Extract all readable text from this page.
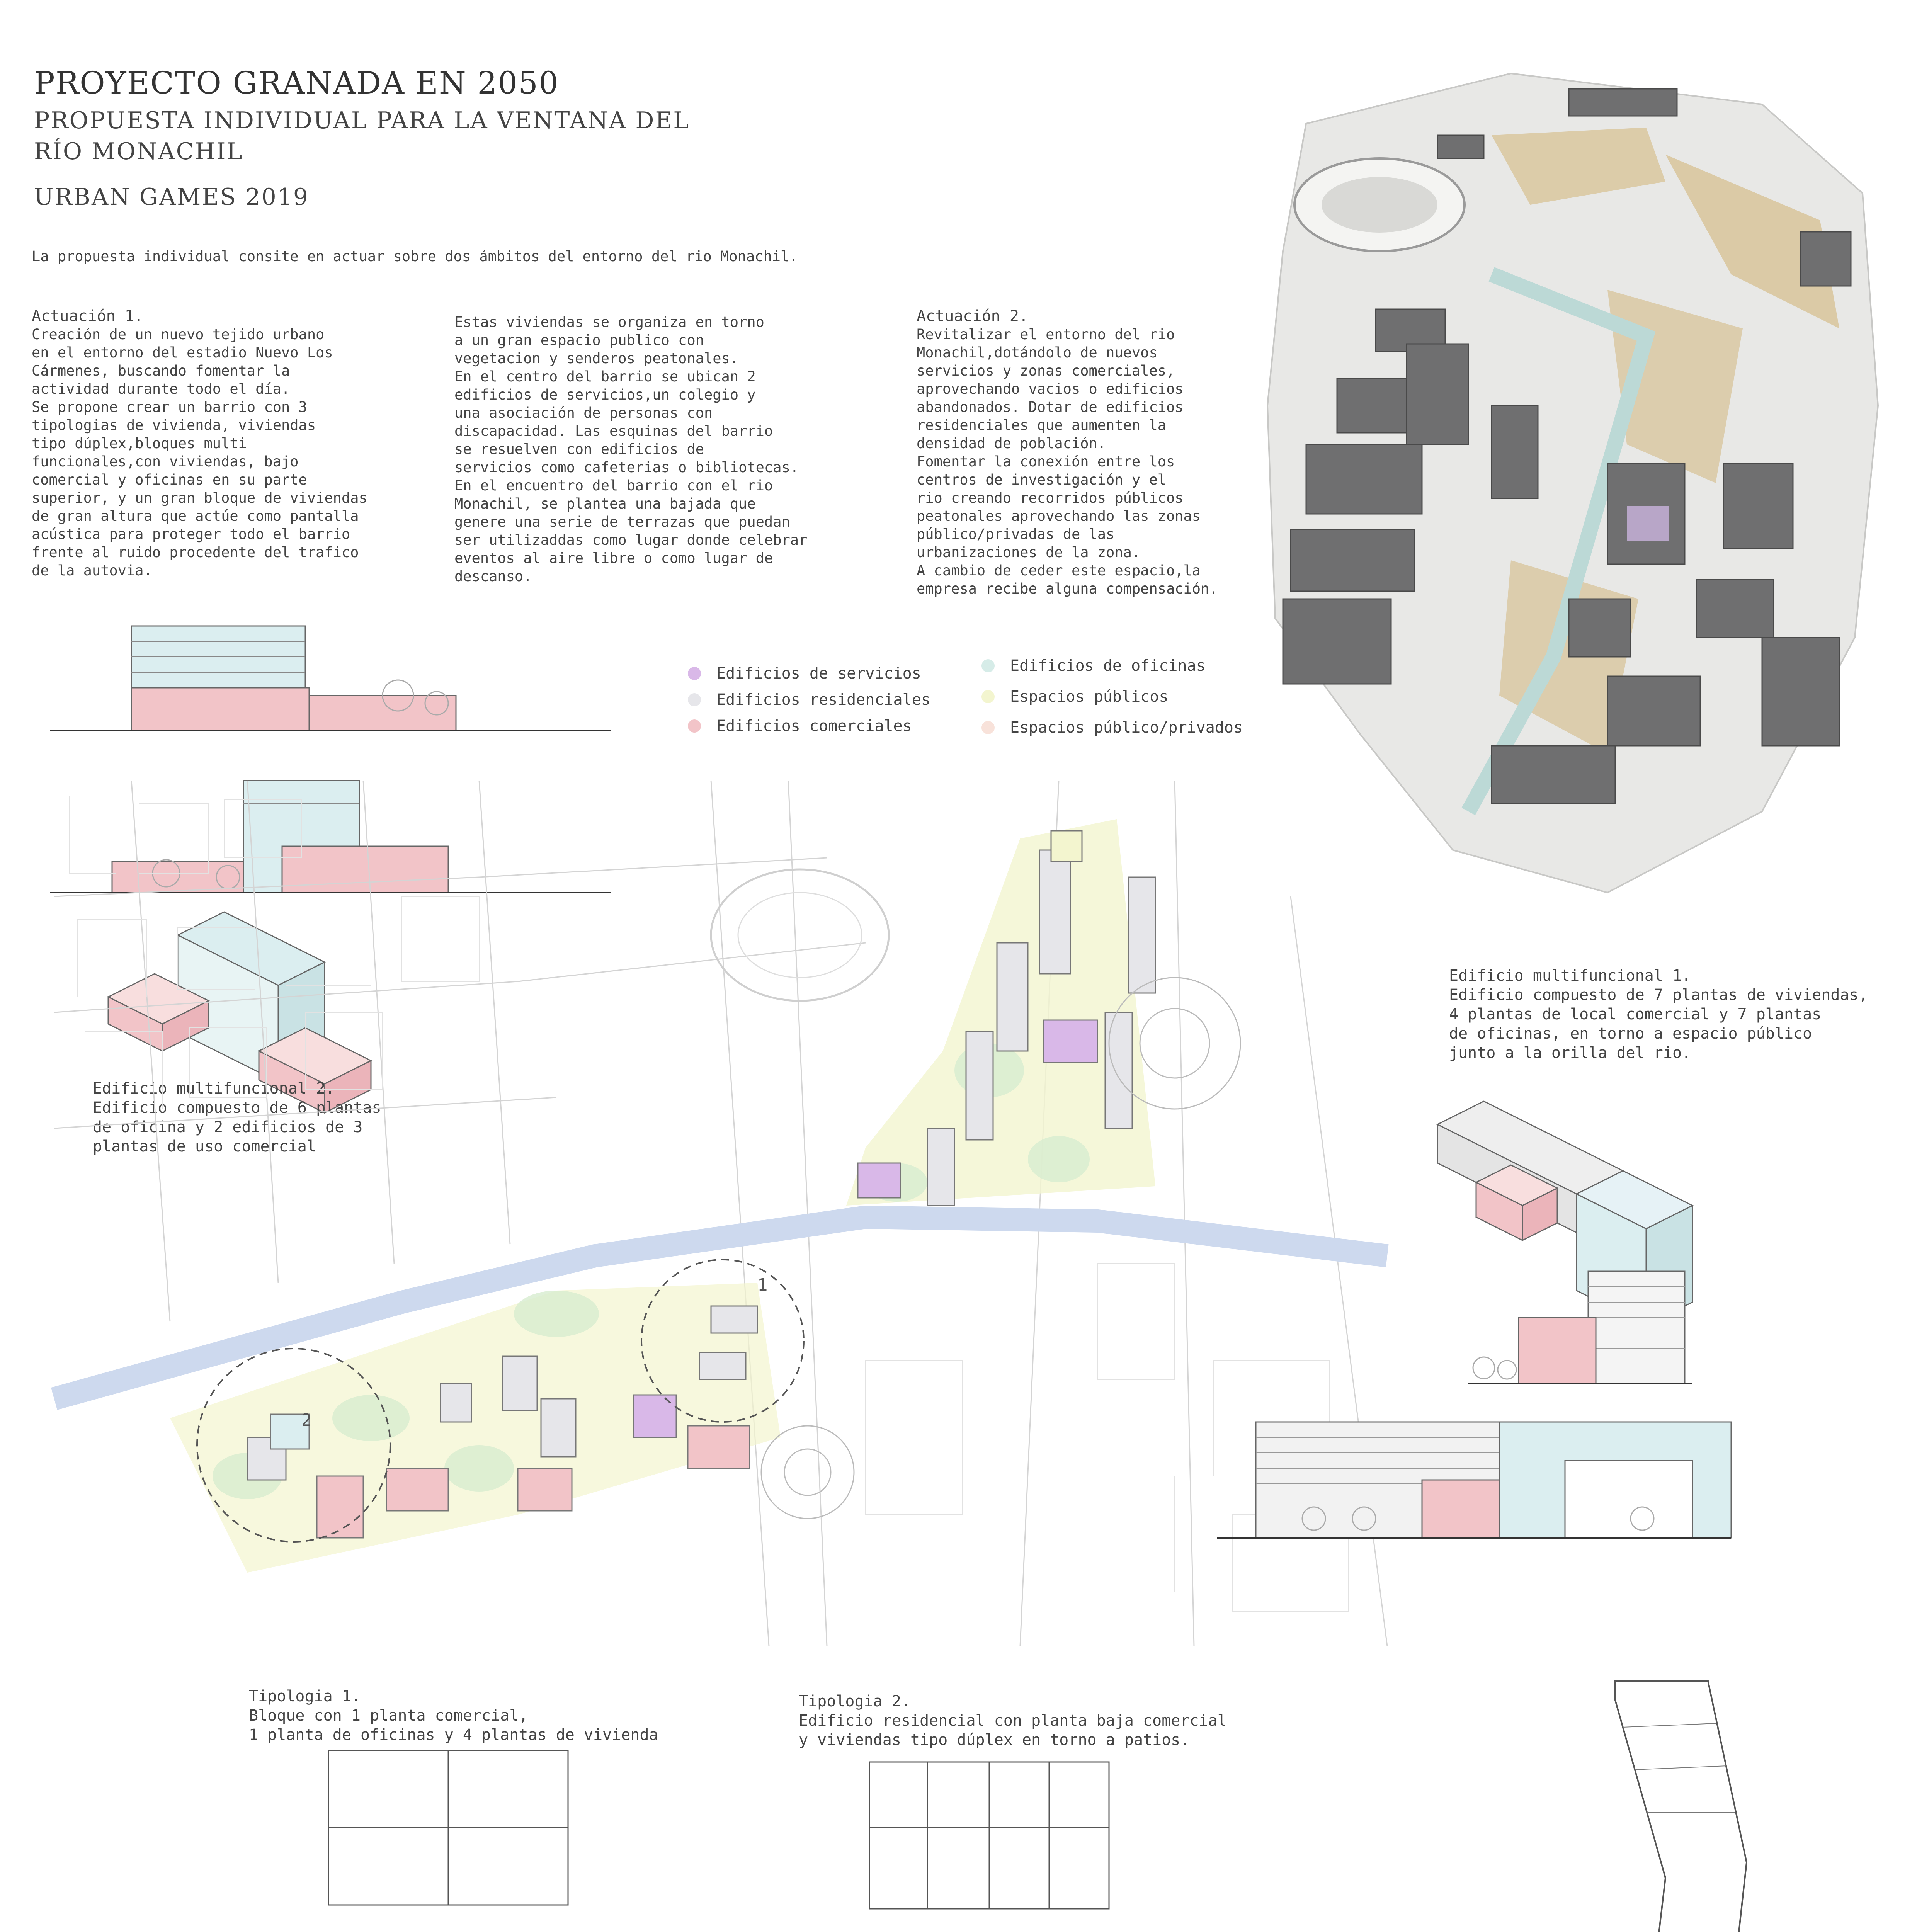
PROYECTO GRANADA EN 2050
PROPUESTA INDIVIDUAL PARA LA VENTANA DEL
RÍO MONACHIL
URBAN GAMES 2019
La propuesta individual consite en actuar sobre dos ámbitos del entorno del rio Monachil.
Actuación 1.
Creación de un nuevo tejido urbano
en el entorno del estadio Nuevo Los
Cármenes, buscando fomentar la
actividad durante todo el día.
Se propone crear un barrio con 3
tipologias de vivienda, viviendas
tipo dúplex,bloques multi
funcionales,con viviendas, bajo
comercial y oficinas en su parte
superior, y un gran bloque de viviendas
de gran altura que actúe como pantalla
acústica para proteger todo el barrio
frente al ruido procedente del trafico
de la autovia.
Estas viviendas se organiza en torno
a un gran espacio publico con
vegetacion y senderos peatonales.
En el centro del barrio se ubican 2
edificios de servicios,un colegio y
una asociación de personas con
discapacidad. Las esquinas del barrio
se resuelven con edificios de
servicios como cafeterias o bibliotecas.
En el encuentro del barrio con el rio
Monachil, se plantea una bajada que
genere una serie de terrazas que puedan
ser utilizaddas como lugar donde celebrar
eventos al aire libre o como lugar de
descanso.
Actuación 2.
Revitalizar el entorno del rio
Monachil,dotándolo de nuevos
servicios y zonas comerciales,
aprovechando vacios o edificios
abandonados. Dotar de edificios
residenciales que aumenten la
densidad de población.
Fomentar la conexión entre los
centros de investigación y el
rio creando recorridos públicos
peatonales aprovechando las zonas
público/privadas de las
urbanizaciones de la zona.
A cambio de ceder este espacio,la
empresa recibe alguna compensación.
Edificios de servicios
Edificios residenciales
Edificios comerciales
Edificios de oficinas
Espacios públicos
Espacios público/privados
Edificio multifuncional 2.
Edificio compuesto de 6 plantas
de oficina y 2 edificios de 3
plantas de uso comercial
1
2
Edificio multifuncional 1.
Edificio compuesto de 7 plantas de viviendas,
4 plantas de local comercial y 7 plantas
de oficinas, en torno a espacio público
junto a la orilla del rio.
Tipologia 1.
Bloque con 1 planta comercial,
1 planta de oficinas y 4 plantas de vivienda
Tipologia 2.
Edificio residencial con planta baja comercial
y viviendas tipo dúplex en torno a patios.
